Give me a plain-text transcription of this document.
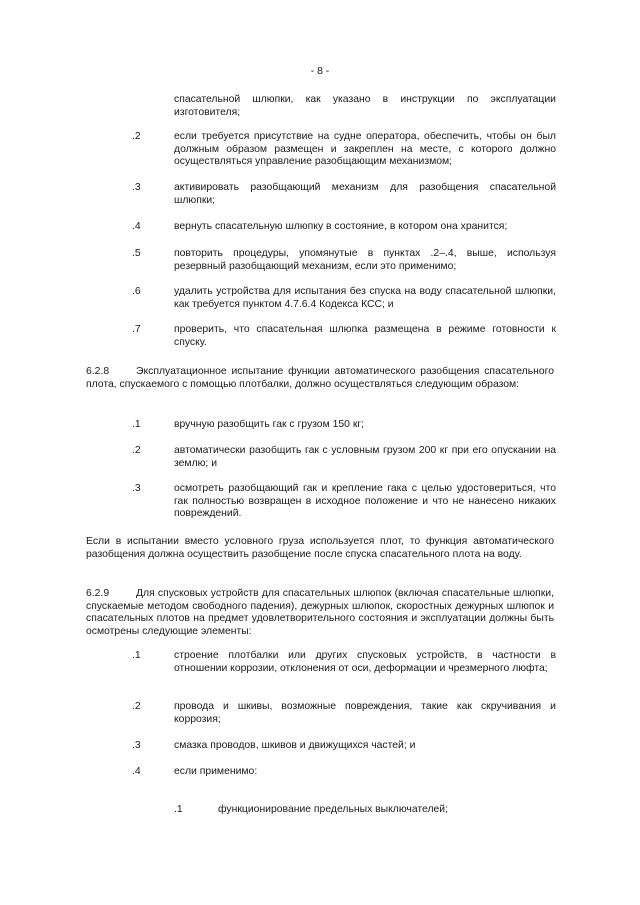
- 8 -
спасательной шлюпки, как указано в инструкции по эксплуатации изготовителя;
.2	если требуется присутствие на судне оператора, обеспечить, чтобы он был должным образом размещен и закреплен на месте, с которого должно осуществляться управление разобщающим механизмом;
.3	активировать разобщающий механизм для разобщения спасательной шлюпки;
.4	вернуть спасательную шлюпку в состояние, в котором она хранится;
.5	повторить процедуры, упомянутые в пунктах .2–.4, выше, используя резервный разобщающий механизм, если это применимо;
.6	удалить устройства для испытания без спуска на воду спасательной шлюпки, как требуется пунктом 4.7.6.4 Кодекса КСС; и
.7	проверить, что спасательная шлюпка размещена в режиме готовности к спуску.
6.2.8	Эксплуатационное испытание функции автоматического разобщения спасательного плота, спускаемого с помощью плотбалки, должно осуществляться следующим образом:
.1	вручную разобщить гак с грузом 150 кг;
.2	автоматически разобщить гак с условным грузом 200 кг при его опускании на землю; и
.3	осмотреть разобщающий гак и крепление гака с целью удостовериться, что гак полностью возвращен в исходное положение и что не нанесено никаких повреждений.
Если в испытании вместо условного груза используется плот, то функция автоматического разобщения должна осуществить разобщение после спуска спасательного плота на воду.
6.2.9	Для спусковых устройств для спасательных шлюпок (включая спасательные шлюпки, спускаемые методом свободного падения), дежурных шлюпок, скоростных дежурных шлюпок и спасательных плотов на предмет удовлетворительного состояния и эксплуатации должны быть осмотрены следующие элементы:
.1	строение плотбалки или других спусковых устройств, в частности в отношении коррозии, отклонения от оси, деформации и чрезмерного люфта;
.2	провода и шкивы, возможные повреждения, такие как скручивания и коррозия;
.3	смазка проводов, шкивов и движущихся частей; и
.4	если применимо:
.1	функционирование предельных выключателей;
